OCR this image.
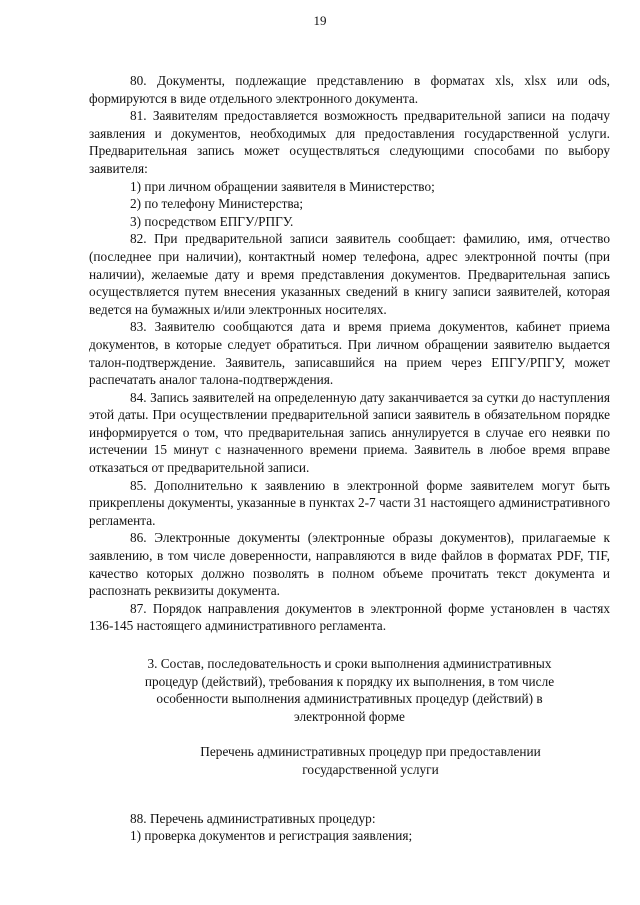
19

80. Документы, подлежащие представлению в форматах xls, xlsx или ods, формируются в виде отдельного электронного документа.

81. Заявителям предоставляется возможность предварительной записи на подачу заявления и документов, необходимых для предоставления государственной услуги. Предварительная запись может осуществляться следующими способами по выбору заявителя:

1) при личном обращении заявителя в Министерство;

2) по телефону Министерства;

3) посредством ЕПГУ/РПГУ.

82. При предварительной записи заявитель сообщает: фамилию, имя, отчество (последнее при наличии), контактный номер телефона, адрес электронной почты (при наличии), желаемые дату и время представления документов. Предварительная запись осуществляется путем внесения указанных сведений в книгу записи заявителей, которая ведется на бумажных и/или электронных носителях.

83. Заявителю сообщаются дата и время приема документов, кабинет приема документов, в которые следует обратиться. При личном обращении заявителю выдается талон-подтверждение. Заявитель, записавшийся на прием через ЕПГУ/РПГУ, может распечатать аналог талона-подтверждения.

84. Запись заявителей на определенную дату заканчивается за сутки до наступления этой даты. При осуществлении предварительной записи заявитель в обязательном порядке информируется о том, что предварительная запись аннулируется в случае его неявки по истечении 15 минут с назначенного времени приема. Заявитель в любое время вправе отказаться от предварительной записи.

85. Дополнительно к заявлению в электронной форме заявителем могут быть прикреплены документы, указанные в пунктах 2-7 части 31 настоящего административного регламента.

86. Электронные документы (электронные образы документов), прилагаемые к заявлению, в том числе доверенности, направляются в виде файлов в форматах PDF, TIF, качество которых должно позволять в полном объеме прочитать текст документа и распознать реквизиты документа.

87. Порядок направления документов в электронной форме установлен в частях 136-145 настоящего административного регламента.

3. Состав, последовательность и сроки выполнения административных
процедур (действий), требования к порядку их выполнения, в том числе
особенности выполнения административных процедур (действий) в
электронной форме
Перечень административных процедур при предоставлении
государственной услуги

88. Перечень административных процедур:

1) проверка документов и регистрация заявления;
